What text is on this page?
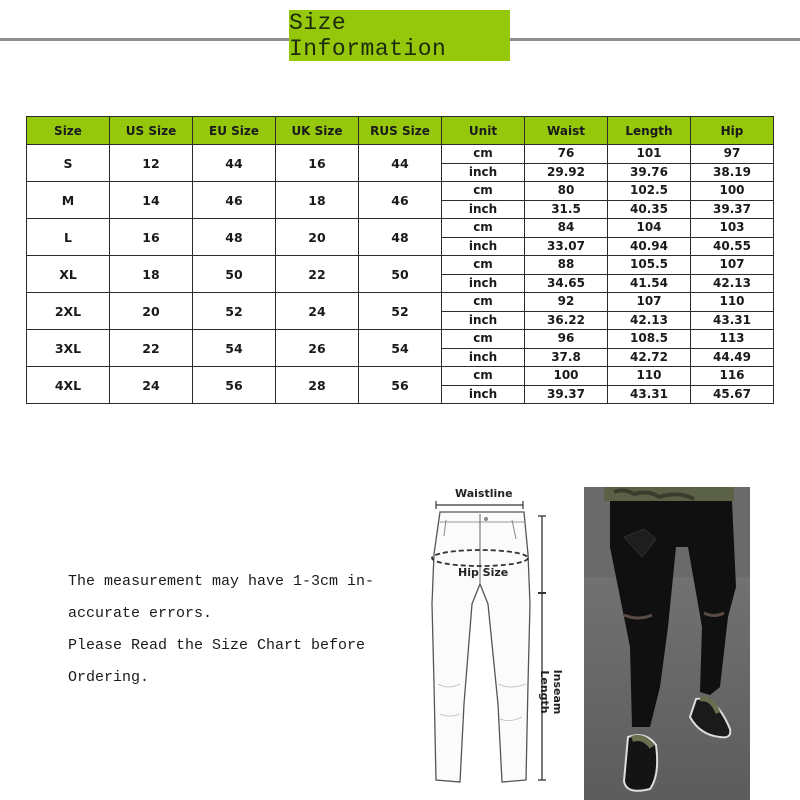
Size Information
Size	US Size	EU Size	UK Size	RUS Size	Unit	Waist	Length	Hip
S	12	44	16	44	cm	76	101	97
					inch	29.92	39.76	38.19
M	14	46	18	46	cm	80	102.5	100
					inch	31.5	40.35	39.37
L	16	48	20	48	cm	84	104	103
					inch	33.07	40.94	40.55
XL	18	50	22	50	cm	88	105.5	107
					inch	34.65	41.54	42.13
2XL	20	52	24	52	cm	92	107	110
					inch	36.22	42.13	43.31
3XL	22	54	26	54	cm	96	108.5	113
					inch	37.8	42.72	44.49
4XL	24	56	28	56	cm	100	110	116
					inch	39.37	43.31	45.67

The measurement may have 1-3cm in-

accurate errors.

Please Read the Size Chart before

Ordering.

Waistline
Hip Size
Inseam Length
